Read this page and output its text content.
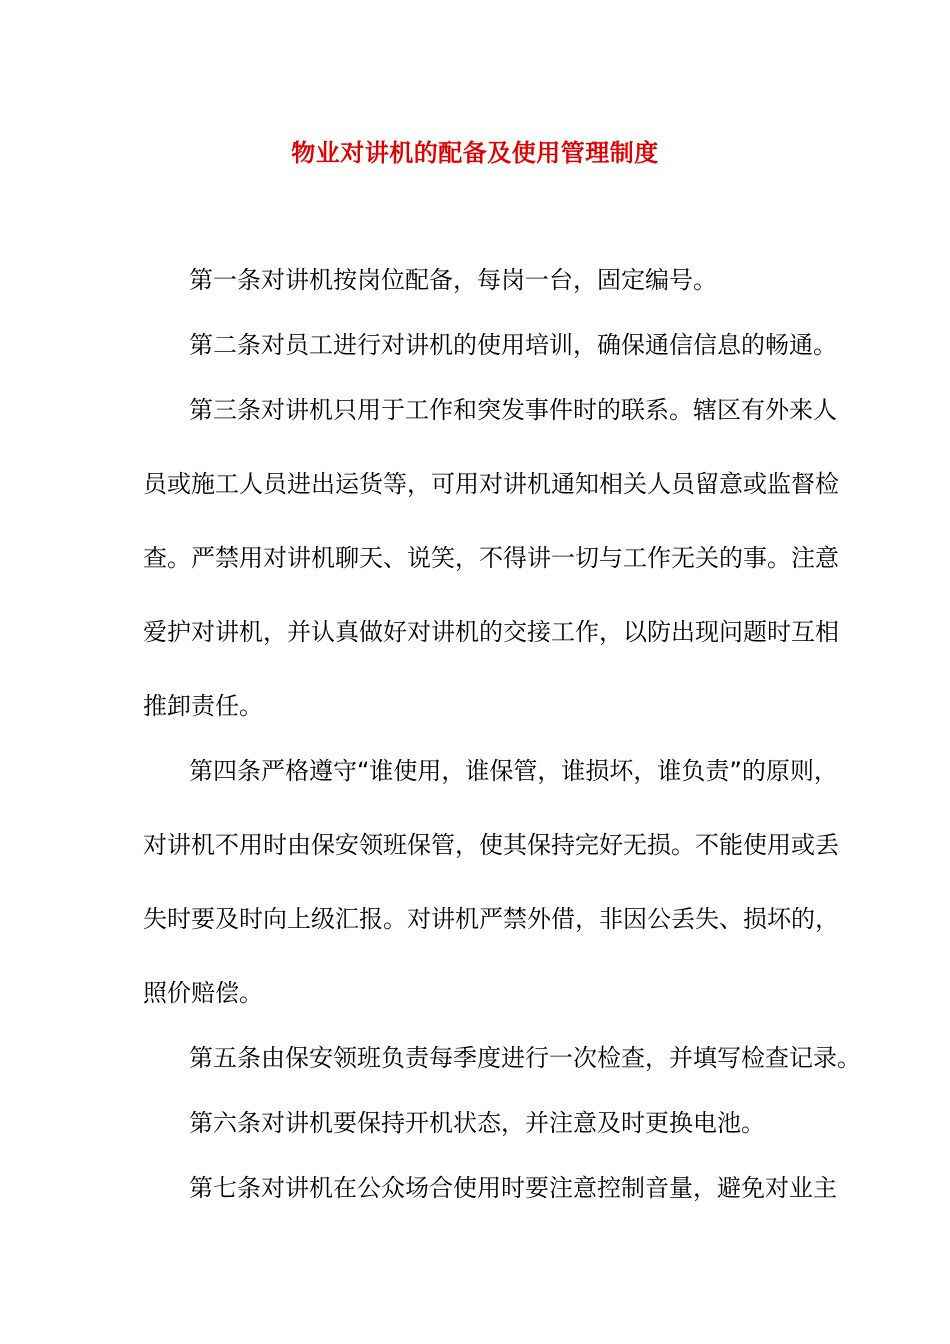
物业对讲机的配备及使用管理制度
第一条对讲机按岗位配备，每岗一台，固定编号。
第二条对员工进行对讲机的使用培训，确保通信信息的畅通。
第三条对讲机只用于工作和突发事件时的联系。辖区有外来人
员或施工人员进出运货等，可用对讲机通知相关人员留意或监督检
查。严禁用对讲机聊天、说笑，不得讲一切与工作无关的事。注意
爱护对讲机，并认真做好对讲机的交接工作，以防出现问题时互相
推卸责任。
第四条严格遵守“谁使用，谁保管，谁损坏，谁负责”的原则，
对讲机不用时由保安领班保管，使其保持完好无损。不能使用或丢
失时要及时向上级汇报。对讲机严禁外借，非因公丢失、损坏的，
照价赔偿。
第五条由保安领班负责每季度进行一次检查，并填写检查记录。
第六条对讲机要保持开机状态，并注意及时更换电池。
第七条对讲机在公众场合使用时要注意控制音量，避免对业主
